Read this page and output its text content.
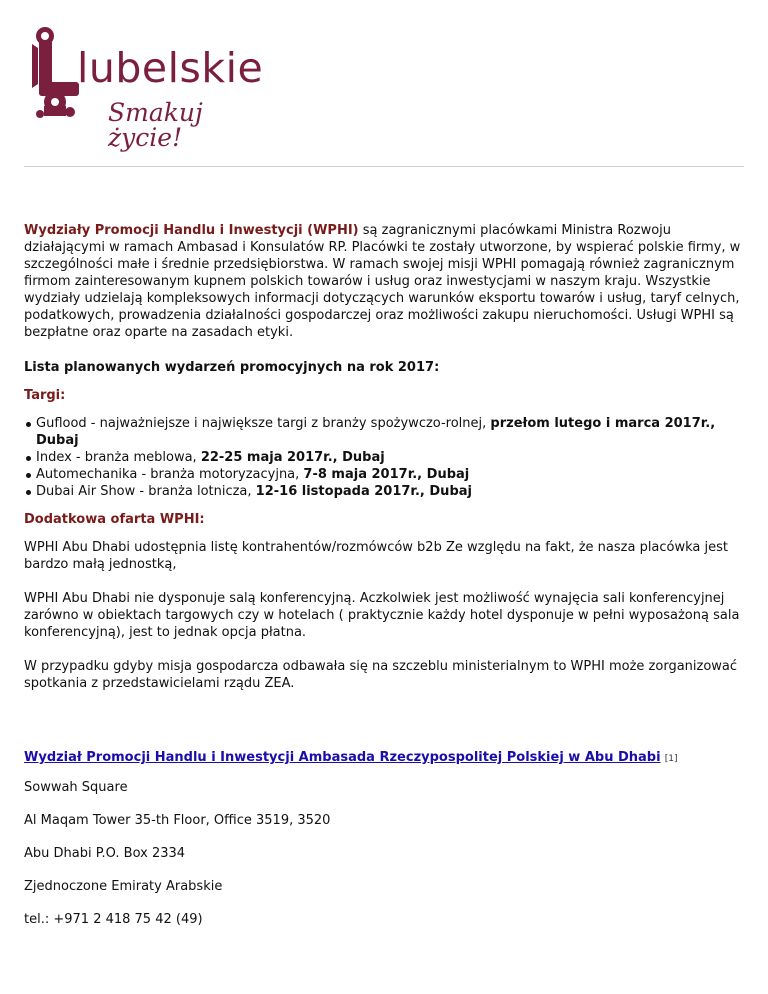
lubelskie
Smakuj życie!

Wydziały Promocji Handlu i Inwestycji (WPHI) są zagranicznymi placówkami Ministra Rozwoju działającymi w ramach Ambasad i Konsulatów RP. Placówki te zostały utworzone, by wspierać polskie firmy, w szczególności małe i średnie przedsiębiorstwa. W ramach swojej misji WPHI pomagają również zagranicznym firmom zainteresowanym kupnem polskich towarów i usług oraz inwestycjami w naszym kraju. Wszystkie wydziały udzielają kompleksowych informacji dotyczących warunków eksportu towarów i usług, taryf celnych, podatkowych, prowadzenia działalności gospodarczej oraz możliwości zakupu nieruchomości. Usługi WPHI są bezpłatne oraz oparte na zasadach etyki.

Lista planowanych wydarzeń promocyjnych na rok 2017:

Targi:

Guflood - najważniejsze i największe targi z branży spożywczo-rolnej, przełom lutego i marca 2017r., Dubaj
Index - branża meblowa, 22-25 maja 2017r., Dubaj
Automechanika - branża motoryzacyjna, 7-8 maja 2017r., Dubaj
Dubai Air Show - branża lotnicza, 12-16 listopada 2017r., Dubaj

Dodatkowa ofarta WPHI:

WPHI Abu Dhabi udostępnia listę kontrahentów/rozmówców b2b Ze względu na fakt, że nasza placówka jest bardzo małą jednostką,

WPHI Abu Dhabi nie dysponuje salą konferencyjną. Aczkolwiek jest możliwość wynajęcia sali konferencyjnej zarówno w obiektach targowych czy w hotelach ( praktycznie każdy hotel dysponuje w pełni wyposażoną sala konferencyjną), jest to jednak opcja płatna.

W przypadku gdyby misja gospodarcza odbawała się na szczeblu ministerialnym to WPHI może zorganizować spotkania z przedstawicielami rządu ZEA.

Wydział Promocji Handlu i Inwestycji Ambasada Rzeczypospolitej Polskiej w Abu Dhabi [1]

Sowwah Square

Al Maqam Tower 35-th Floor, Office 3519, 3520

Abu Dhabi P.O. Box 2334

Zjednoczone Emiraty Arabskie

tel.: +971 2 418 75 42 (49)
